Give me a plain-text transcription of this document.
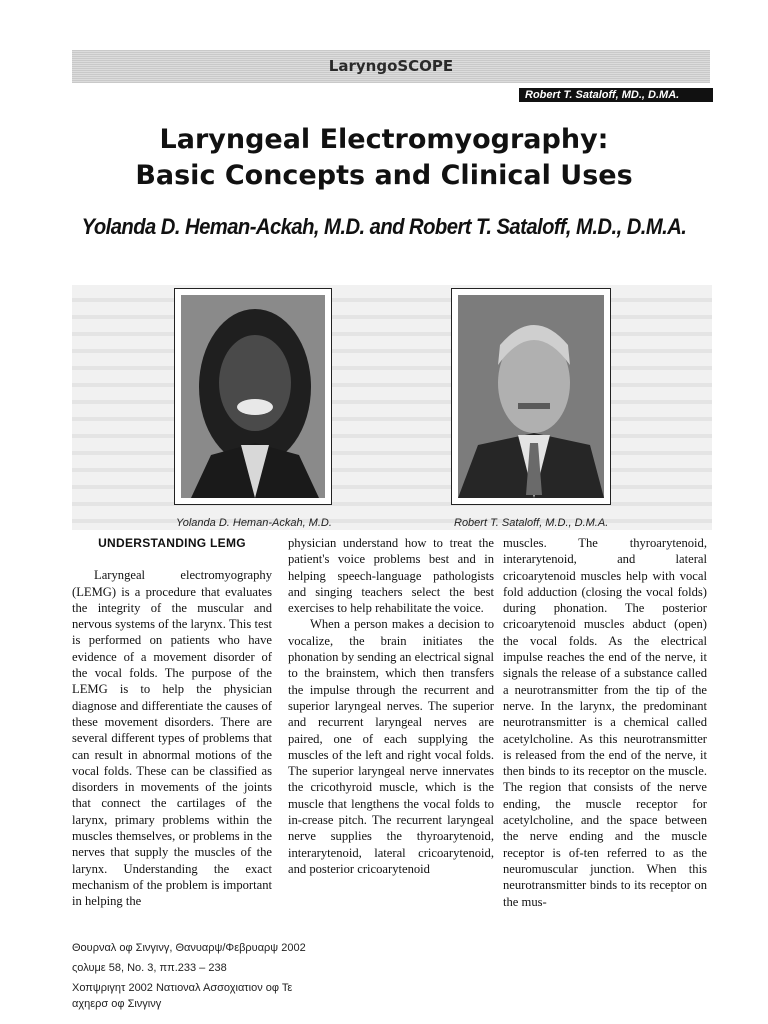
LaryngoSCOPE
Robert T. Sataloff, MD., D.MA.
Laryngeal Electromyography:
Basic Concepts and Clinical Uses
Yolanda D. Heman-Ackah, M.D. and Robert T. Sataloff, M.D., D.M.A.
Yolanda D. Heman-Ackah, M.D.	Robert T. Sataloff, M.D., D.M.A.
UNDERSTANDING LEMG

Laryngeal electromyography (LEMG) is a procedure that evaluates the integrity of the muscular and nervous systems of the larynx. This test is performed on patients who have evidence of a movement disorder of the vocal folds. The purpose of the LEMG is to help the physician diagnose and differentiate the causes of these movement disorders. There are several different types of problems that can result in abnormal motions of the vocal folds. These can be classified as disorders in movements of the joints that connect the cartilages of the larynx, primary problems within the muscles themselves, or problems in the nerves that supply the muscles of the larynx. Understanding the exact mechanism of the problem is important in helping the

physician understand how to treat the patient's voice problems best and in helping speech-language pathologists and singing teachers select the best exercises to help rehabilitate the voice.

When a person makes a decision to vocalize, the brain initiates the phonation by sending an electrical signal to the brainstem, which then transfers the impulse through the recurrent and superior laryngeal nerves. The superior and recurrent laryngeal nerves are paired, one of each supplying the muscles of the left and right vocal folds. The superior laryngeal nerve innervates the cricothyroid muscle, which is the muscle that lengthens the vocal folds to in-crease pitch. The recurrent laryngeal nerve supplies the thyroarytenoid, interarytenoid, lateral cricoarytenoid, and posterior cricoarytenoid

muscles. The thyroarytenoid, interarytenoid, and lateral cricoarytenoid muscles help with vocal fold adduction (closing the vocal folds) during phonation. The posterior cricoarytenoid muscles abduct (open) the vocal folds. As the electrical impulse reaches the end of the nerve, it signals the release of a substance called a neurotransmitter from the tip of the nerve. In the larynx, the predominant neurotransmitter is a chemical called acetylcholine. As this neurotransmitter is released from the end of the nerve, it then binds to its receptor on the muscle. The region that consists of the nerve ending, the muscle receptor for acetylcholine, and the space between the nerve ending and the muscle receptor is of-ten referred to as the neuromuscular junction. When this neurotransmitter binds to its receptor on the mus-

Θουρναλ οφ Σινγινγ, Θανυαρψ/Φεβρυαρψ 2002
ςολυμε 58, Νο. 3, ππ.233 – 238
Χοπψριγητ 2002 Νατιοναλ Ασσοχιατιον οφ Τε
αχηερσ οφ Σινγινγ
